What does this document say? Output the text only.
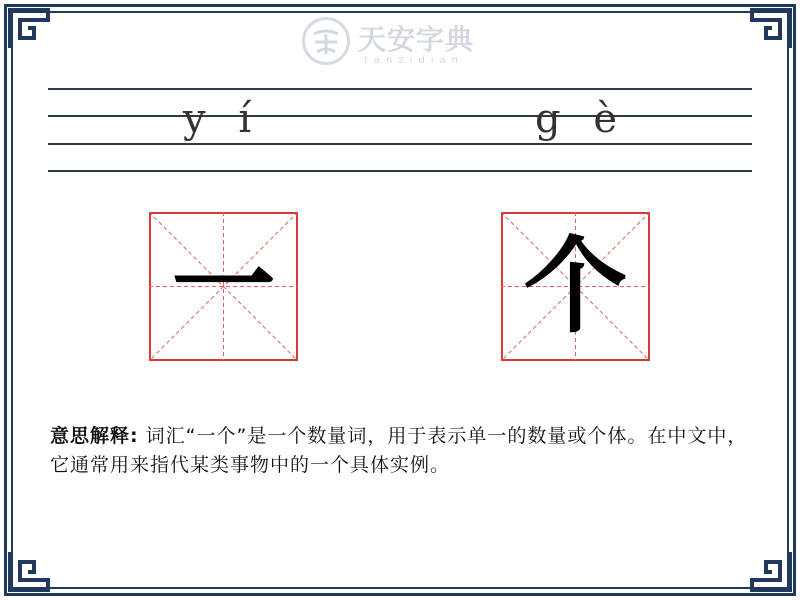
天安字典
tanzidian
y í	g è
一 个
意思解释: 词汇“一个”是一个数量词，用于表示单一的数量或个体。在中文中，它通常用来指代某类事物中的一个具体实例。
